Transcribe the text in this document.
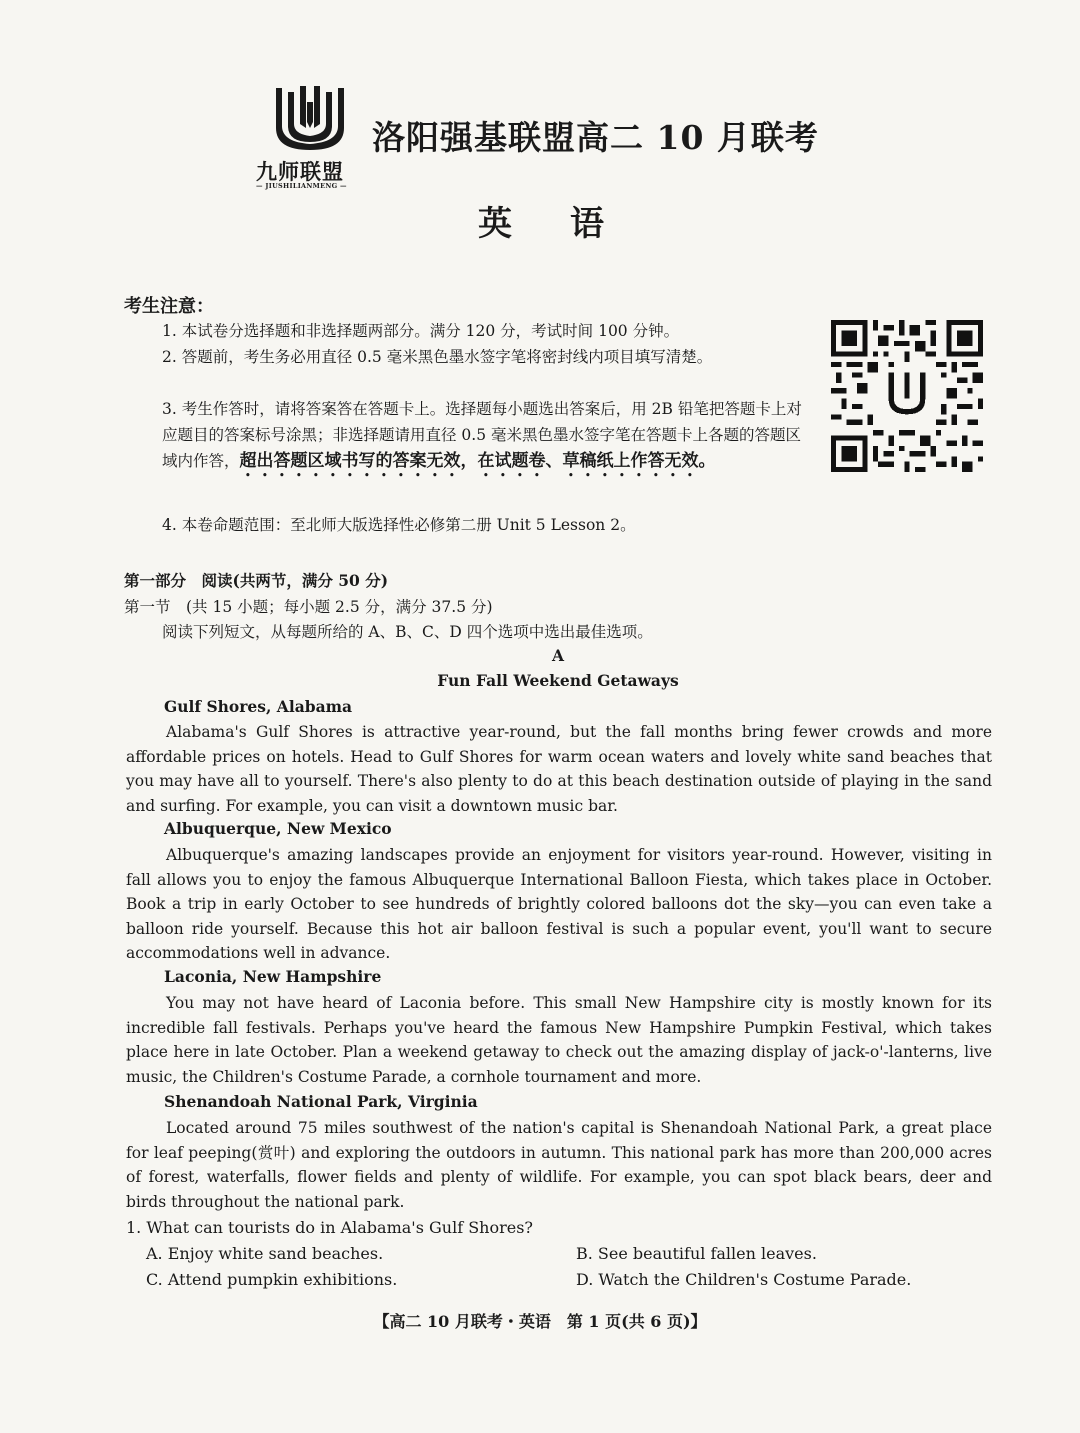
九师联盟
— JIUSHILIANMENG —
洛阳强基联盟高二 10 月联考
英语
考生注意：
1. 本试卷分选择题和非选择题两部分。满分 120 分，考试时间 100 分钟。
2. 答题前，考生务必用直径 0.5 毫米黑色墨水签字笔将密封线内项目填写清楚。
3. 考生作答时，请将答案答在答题卡上。选择题每小题选出答案后，用 2B 铅笔把答题卡上对应题目的答案标号涂黑；非选择题请用直径 0.5 毫米黑色墨水签字笔在答题卡上各题的答题区域内作答，超出答题区域书写的答案无效，在试题卷、草稿纸上作答无效。
4. 本卷命题范围：至北师大版选择性必修第二册 Unit 5 Lesson 2。
第一部分　阅读(共两节，满分 50 分)
第一节　(共 15 小题；每小题 2.5 分，满分 37.5 分)
阅读下列短文，从每题所给的 A、B、C、D 四个选项中选出最佳选项。
A
Fun Fall Weekend Getaways
Gulf Shores, Alabama
Alabama's Gulf Shores is attractive year-round, but the fall months bring fewer crowds and more affordable prices on hotels. Head to Gulf Shores for warm ocean waters and lovely white sand beaches that you may have all to yourself. There's also plenty to do at this beach destination outside of playing in the sand and surfing. For example, you can visit a downtown music bar.
Albuquerque, New Mexico
Albuquerque's amazing landscapes provide an enjoyment for visitors year-round. However, visiting in fall allows you to enjoy the famous Albuquerque International Balloon Fiesta, which takes place in October. Book a trip in early October to see hundreds of brightly colored balloons dot the sky—you can even take a balloon ride yourself. Because this hot air balloon festival is such a popular event, you'll want to secure accommodations well in advance.
Laconia, New Hampshire
You may not have heard of Laconia before. This small New Hampshire city is mostly known for its incredible fall festivals. Perhaps you've heard the famous New Hampshire Pumpkin Festival, which takes place here in late October. Plan a weekend getaway to check out the amazing display of jack-o'-lanterns, live music, the Children's Costume Parade, a cornhole tournament and more.
Shenandoah National Park, Virginia
Located around 75 miles southwest of the nation's capital is Shenandoah National Park, a great place for leaf peeping(赏叶) and exploring the outdoors in autumn. This national park has more than 200,000 acres of forest, waterfalls, flower fields and plenty of wildlife. For example, you can spot black bears, deer and birds throughout the national park.
1. What can tourists do in Alabama's Gulf Shores?
A. Enjoy white sand beaches.	B. See beautiful fallen leaves.
C. Attend pumpkin exhibitions.	D. Watch the Children's Costume Parade.
【高二 10 月联考・英语　第 1 页(共 6 页)】
